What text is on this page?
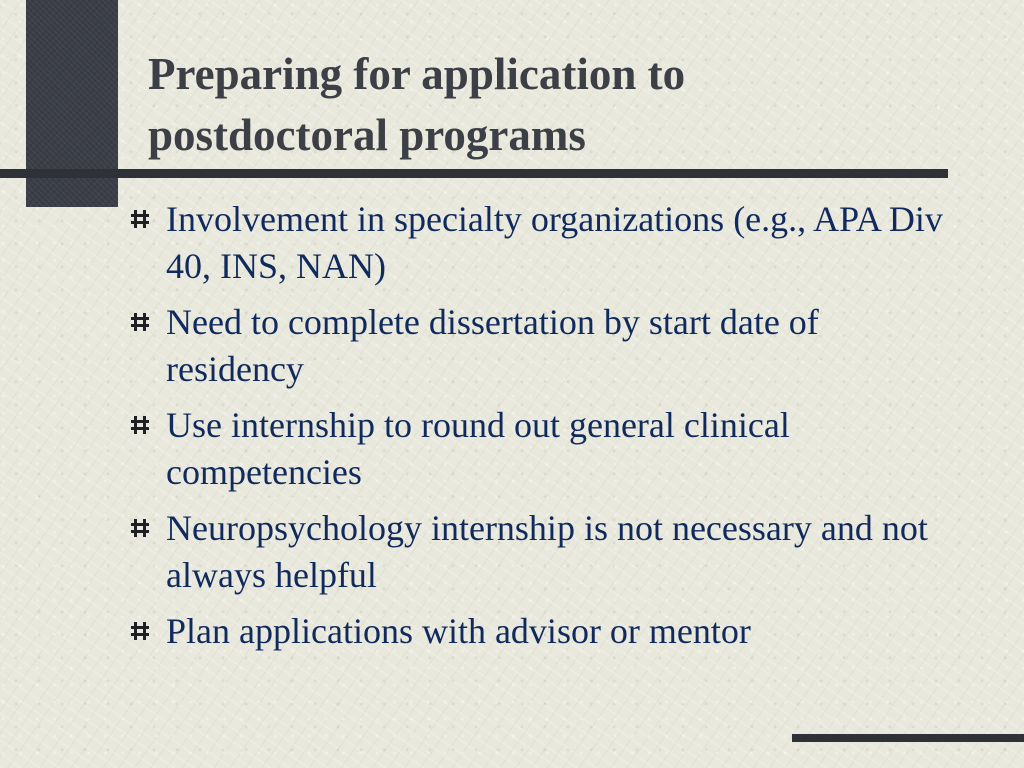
Preparing for application to postdoctoral programs
Involvement in specialty organizations (e.g., APA Div 40, INS, NAN)
Need to complete dissertation by start date of residency
Use internship to round out general clinical competencies
Neuropsychology internship is not necessary and not always helpful
Plan applications with advisor or mentor
